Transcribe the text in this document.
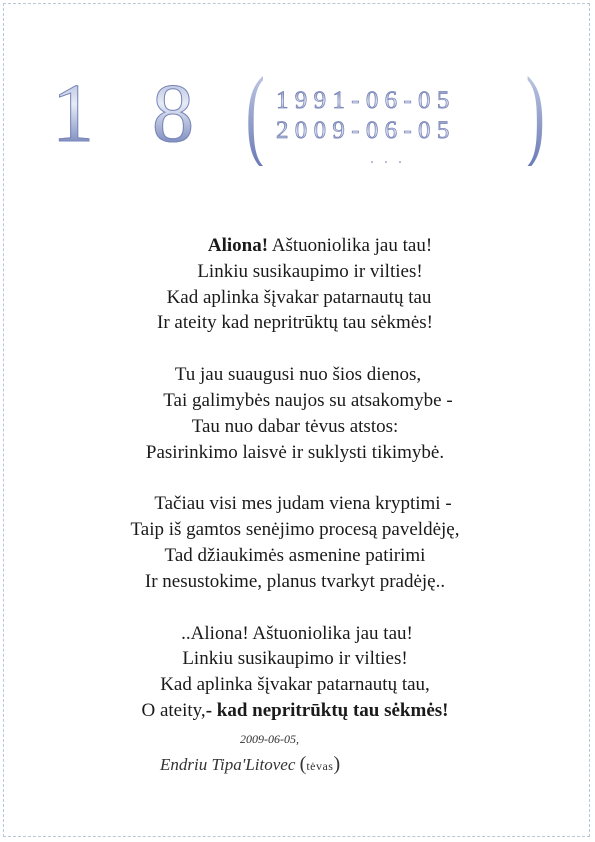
1 8 ( 1991-06-05
2009-06-05 )
...
Aliona! Aštuoniolika jau tau!
Linkiu susikaupimo ir vilties!
Kad aplinka šįvakar patarnautų tau
Ir ateity kad nepritrūktų tau sėkmės!
Tu jau suaugusi nuo šios dienos,
Tai galimybės naujos su atsakomybe -
Tau nuo dabar tėvus atstos:
Pasirinkimo laisvė ir suklysti tikimybė.
Tačiau visi mes judam viena kryptimi -
Taip iš gamtos senėjimo procesą paveldėję,
Tad džiaukimės asmenine patirimi
Ir nesustokime, planus tvarkyt pradėję..
..Aliona! Aštuoniolika jau tau!
Linkiu susikaupimo ir vilties!
Kad aplinka šįvakar patarnautų tau,
O ateity,- kad nepritrūktų tau sėkmės!
2009-06-05,
Endriu Tipa'Litovec (tėvas)
